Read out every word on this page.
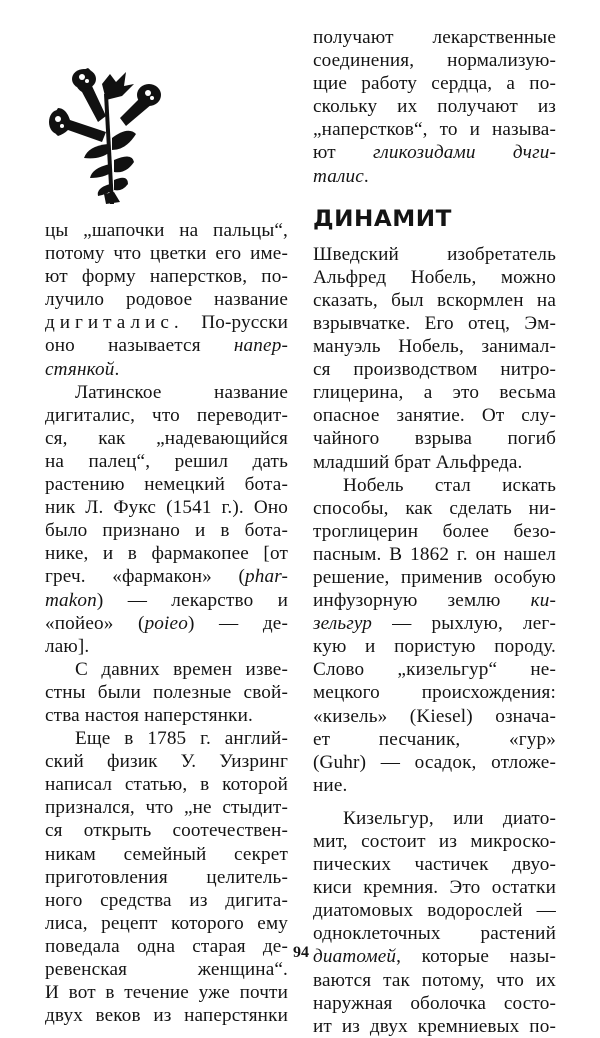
цы „шапочки на пальцы“,
потому что цветки его име-
ют форму наперстков, по-
лучило родовое название
дигиталис. По-русски
оно называется напер-
стянкой.
Латинское название
дигиталис, что переводит-
ся, как „надевающийся
на палец“, решил дать
растению немецкий бота-
ник Л. Фукс (1541 г.). Оно
было признано и в бота-
нике, и в фармакопее [от
греч. «фармакон» (phar-
makon) — лекарство и
«пойео» (poieo) — де-
лаю].
С давних времен изве-
стны были полезные свой-
ства настоя наперстянки.
Еще в 1785 г. англий-
ский физик У. Уизринг
написал статью, в которой
признался, что „не стыдит-
ся открыть соотечествен-
никам семейный секрет
приготовления целитель-
ного средства из дигита-
лиса, рецепт которого ему
поведала одна старая де-
ревенская женщина“.
И вот в течение уже почти
двух веков из наперстянки
получают лекарственные
соединения, нормализую-
щие работу сердца, а по-
скольку их получают из
„наперстков“, то и называ-
ют гликозидами дчги-
талис.
ДИНАМИТ
Шведский изобретатель
Альфред Нобель, можно
сказать, был вскормлен на
взрывчатке. Его отец, Эм-
мануэль Нобель, занимал-
ся производством нитро-
глицерина, а это весьма
опасное занятие. От слу-
чайного взрыва погиб
младший брат Альфреда.
Нобель стал искать
способы, как сделать ни-
троглицерин более безо-
пасным. В 1862 г. он нашел
решение, применив особую
инфузорную землю ки-
зельгур — рыхлую, лег-
кую и пористую породу.
Слово „кизельгур“ не-
мецкого происхождения:
«кизель» (Kiesel) означа-
ет песчаник, «гур»
(Guhr) — осадок, отложе-
ние.
Кизельгур, или диато-
мит, состоит из микроско-
пических частичек двуо-
киси кремния. Это остатки
диатомовых водорослей —
одноклеточных растений
диатомей, которые назы-
ваются так потому, что их
наружная оболочка состо-
ит из двух кремниевых по-
94
